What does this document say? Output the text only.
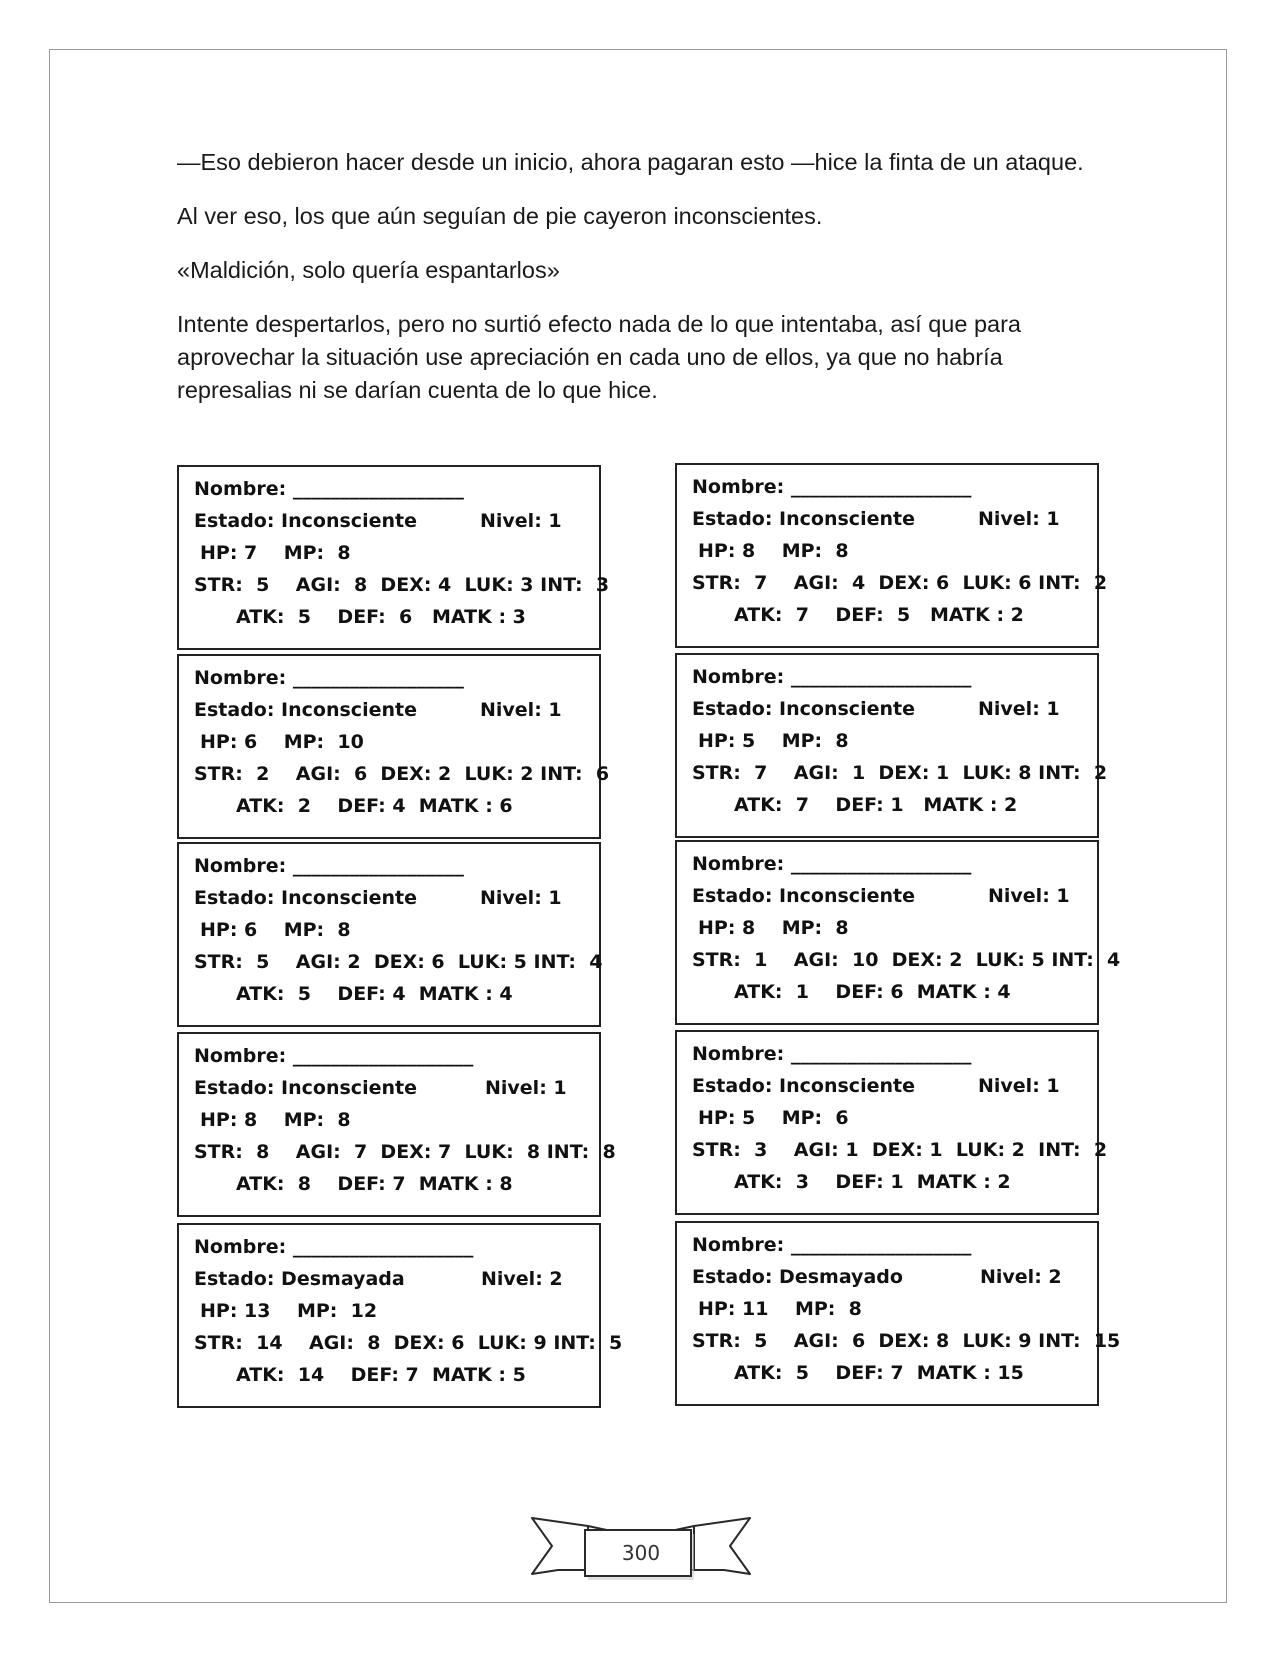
—Eso debieron hacer desde un inicio, ahora pagaran esto —hice la finta de un ataque.

Al ver eso, los que aún seguían de pie cayeron inconscientes.

«Maldición, solo quería espantarlos»

Intente despertarlos, pero no surtió efecto nada de lo que intentaba, así que para aprovechar la situación use apreciación en cada uno de ellos, ya que no habría represalias ni se darían cuenta de lo que hice.

Nombre: __________________
Estado: Inconsciente	Nivel: 1
HP: 7    MP:  8
STR:  5    AGI:  8  DEX: 4  LUK: 3 INT:  3
ATK:  5    DEF:  6   MATK : 3
Nombre: __________________
Estado: Inconsciente	Nivel: 1
HP: 6    MP:  10
STR:  2    AGI:  6  DEX: 2  LUK: 2 INT:  6
ATK:  2    DEF: 4  MATK : 6
Nombre: __________________
Estado: Inconsciente	Nivel: 1
HP: 6    MP:  8
STR:  5    AGI: 2  DEX: 6  LUK: 5 INT:  4
ATK:  5    DEF: 4  MATK : 4
Nombre: ___________________
Estado: Inconsciente	Nivel: 1
HP: 8    MP:  8
STR:  8    AGI:  7  DEX: 7  LUK:  8 INT:  8
ATK:  8    DEF: 7  MATK : 8
Nombre: ___________________
Estado: Desmayada	Nivel: 2
HP: 13    MP:  12
STR:  14    AGI:  8  DEX: 6  LUK: 9 INT:  5
ATK:  14    DEF: 7  MATK : 5
Nombre: ___________________
Estado: Inconsciente	Nivel: 1
HP: 8    MP:  8
STR:  7    AGI:  4  DEX: 6  LUK: 6 INT:  2
ATK:  7    DEF:  5   MATK : 2
Nombre: ___________________
Estado: Inconsciente	Nivel: 1
HP: 5    MP:  8
STR:  7    AGI:  1  DEX: 1  LUK: 8 INT:  2
ATK:  7    DEF: 1   MATK : 2
Nombre: ___________________
Estado: Inconsciente	Nivel: 1
HP: 8    MP:  8
STR:  1    AGI:  10  DEX: 2  LUK: 5 INT:  4
ATK:  1    DEF: 6  MATK : 4
Nombre: ___________________
Estado: Inconsciente	Nivel: 1
HP: 5    MP:  6
STR:  3    AGI: 1  DEX: 1  LUK: 2  INT:  2
ATK:  3    DEF: 1  MATK : 2
Nombre: ___________________
Estado: Desmayado	Nivel: 2
HP: 11    MP:  8
STR:  5    AGI:  6  DEX: 8  LUK: 9 INT:  15
ATK:  5    DEF: 7  MATK : 15
300
